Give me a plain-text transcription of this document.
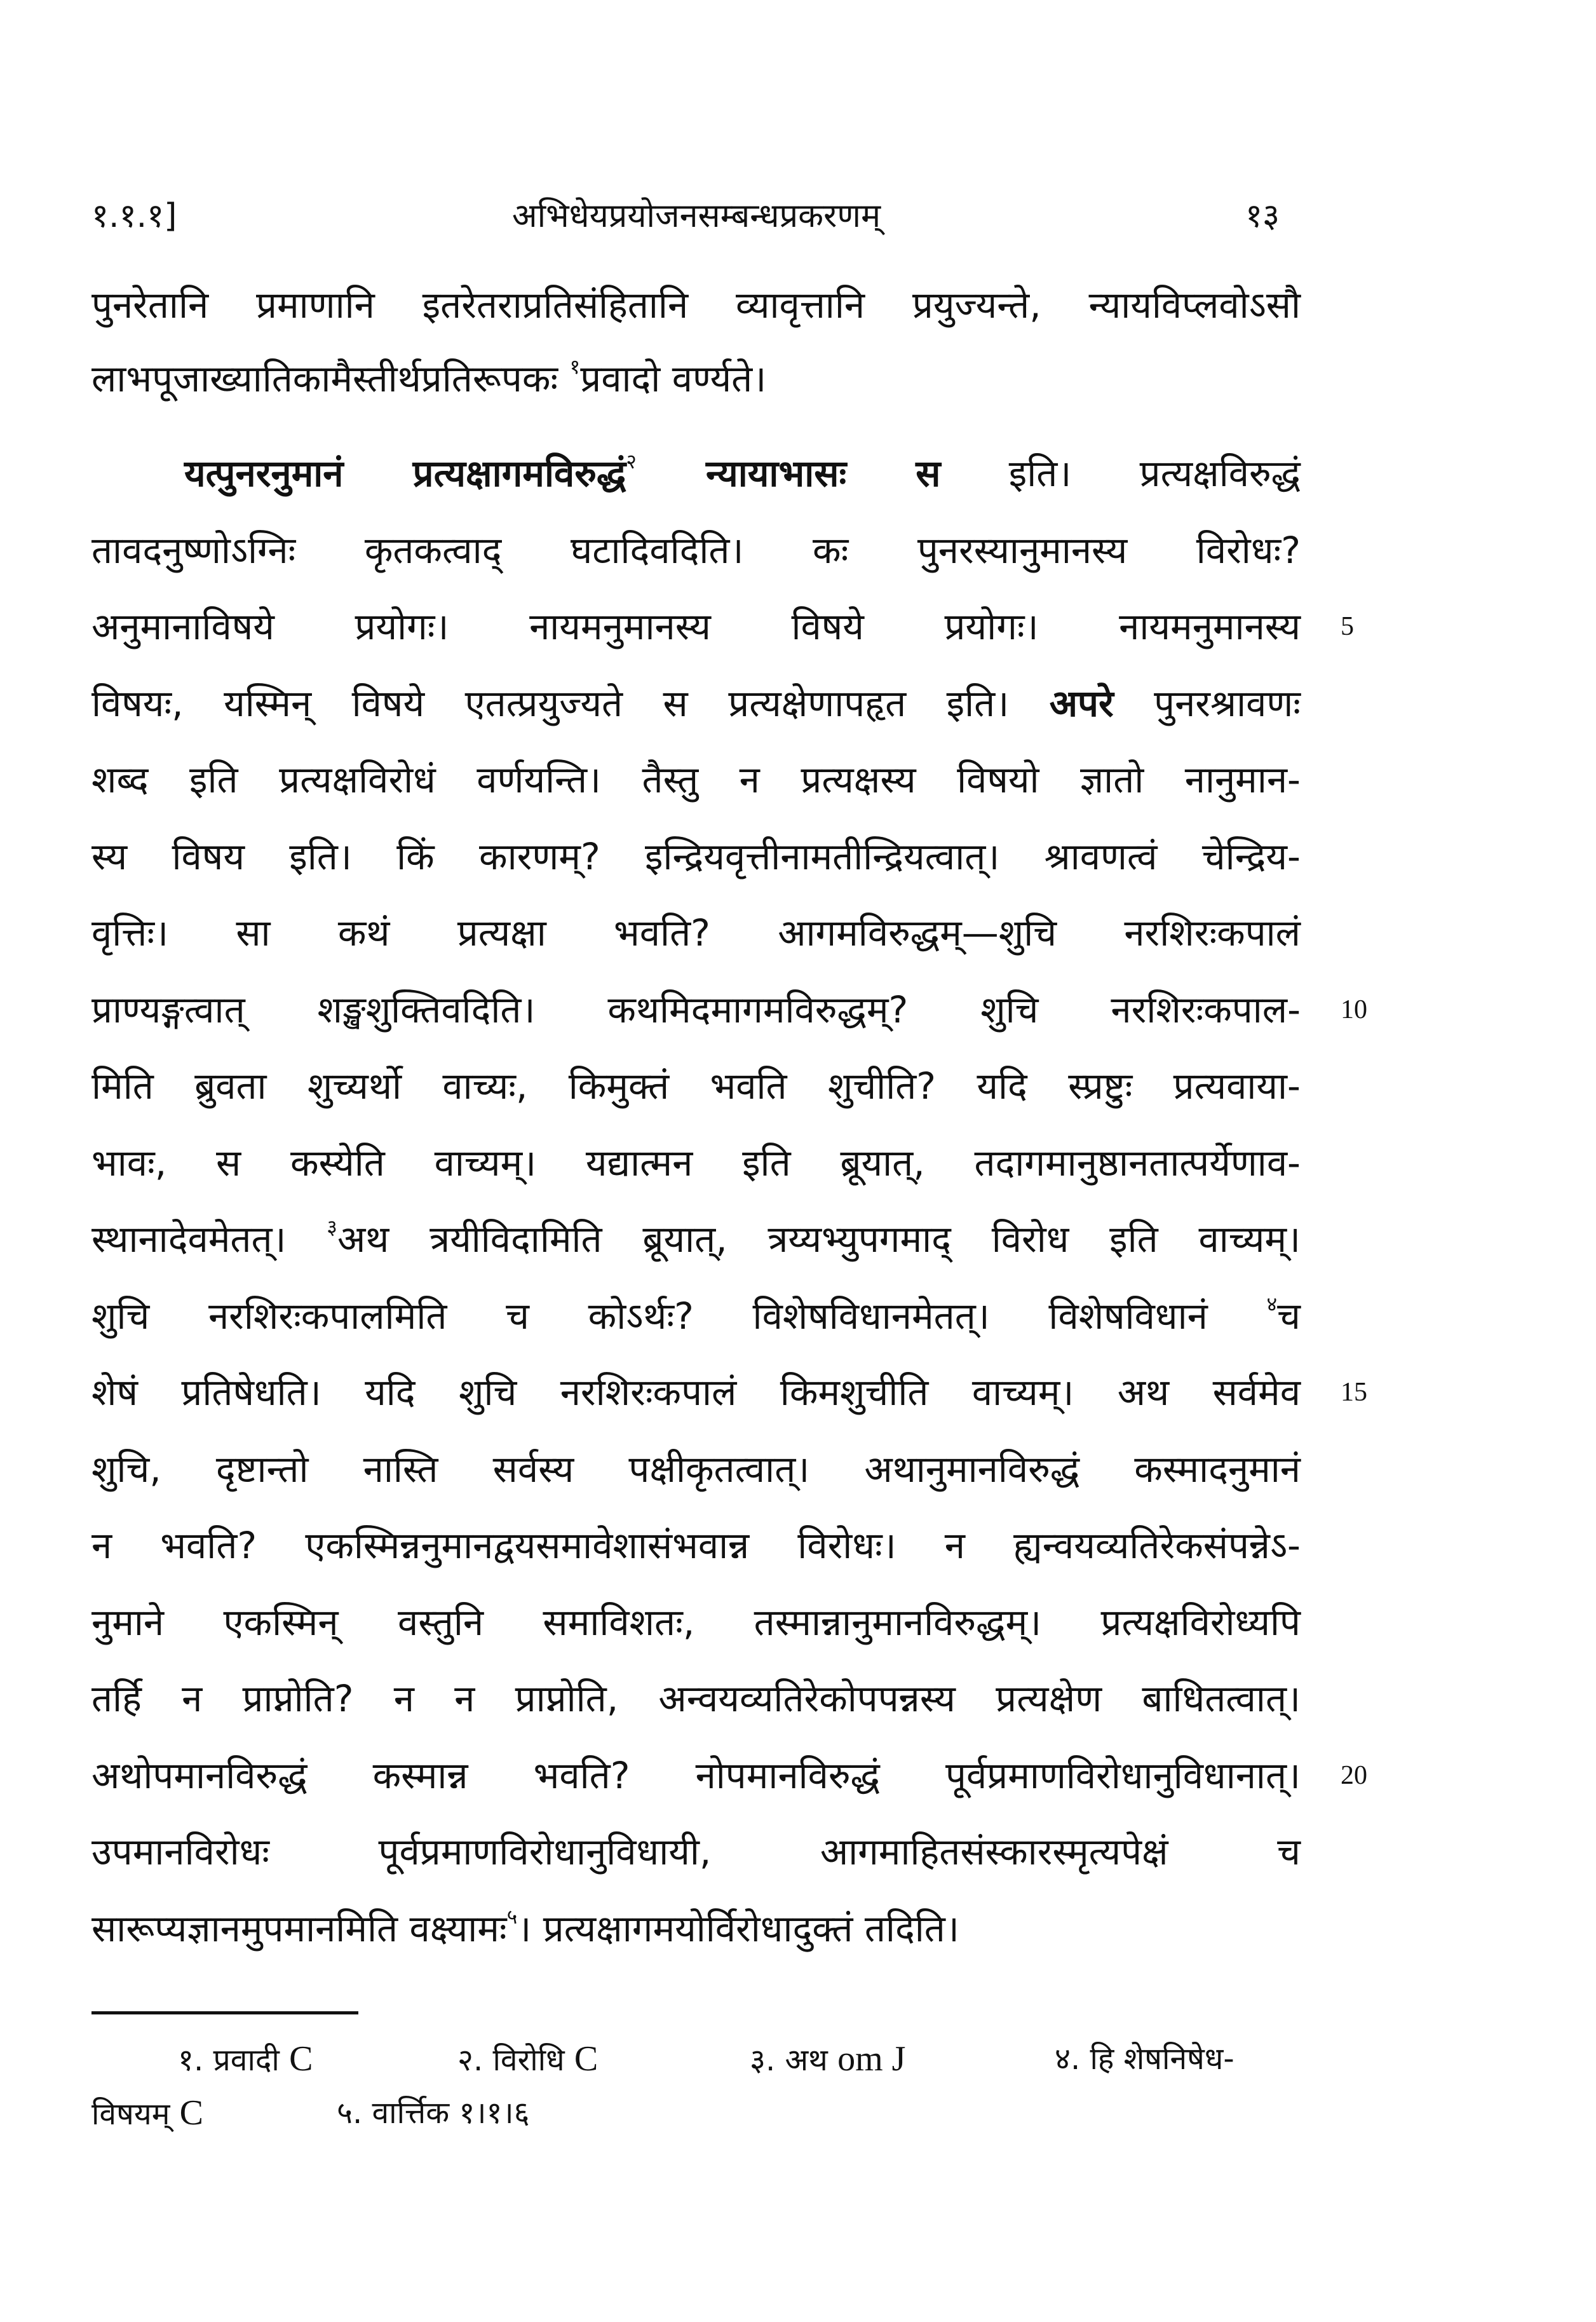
१.१.१]	अभिधेयप्रयोजनसम्बन्धप्रकरणम्	१३
पुनरेतानि प्रमाणानि इतरेतराप्रतिसंहितानि व्यावृत्तानि प्रयुज्यन्ते, न्यायविप्लवोऽसौ
लाभपूजाख्यातिकामैस्तीर्थप्रतिरूपकः $^१$प्रवादो वर्ण्यते।
यत्पुनरनुमानं प्रत्यक्षागमविरुद्धं$^२$ न्यायाभासः स इति। प्रत्यक्षविरुद्धं
तावदनुष्णोऽग्निः कृतकत्वाद् घटादिवदिति। कः पुनरस्यानुमानस्य विरोधः?
अनुमानाविषये प्रयोगः। नायमनुमानस्य विषये प्रयोगः। नायमनुमानस्य 5
विषयः, यस्मिन् विषये एतत्प्रयुज्यते स प्रत्यक्षेणापहृत इति। अपरे पुनरश्रावणः
शब्द इति प्रत्यक्षविरोधं वर्णयन्ति। तैस्तु न प्रत्यक्षस्य विषयो ज्ञातो नानुमान-
स्य विषय इति। किं कारणम्? इन्द्रियवृत्तीनामतीन्द्रियत्वात्। श्रावणत्वं चेन्द्रिय-
वृत्तिः। सा कथं प्रत्यक्षा भवति? आगमविरुद्धम्—शुचि नरशिरःकपालं
प्राण्यङ्गत्वात् शङ्खशुक्तिवदिति। कथमिदमागमविरुद्धम्? शुचि नरशिरःकपाल- 10
मिति ब्रुवता शुच्यर्थो वाच्यः, किमुक्तं भवति शुचीति? यदि स्प्रष्टुः प्रत्यवाया-
भावः, स कस्येति वाच्यम्। यद्यात्मन इति ब्रूयात्, तदागमानुष्ठानतात्पर्येणाव-
स्थानादेवमेतत्। $^३$अथ त्रयीविदामिति ब्रूयात्, त्रय्यभ्युपगमाद् विरोध इति वाच्यम्।
शुचि नरशिरःकपालमिति च कोऽर्थः? विशेषविधानमेतत्। विशेषविधानं $^४$च
शेषं प्रतिषेधति। यदि शुचि नरशिरःकपालं किमशुचीति वाच्यम्। अथ सर्वमेव 15
शुचि, दृष्टान्तो नास्ति सर्वस्य पक्षीकृतत्वात्। अथानुमानविरुद्धं कस्मादनुमानं
न भवति? एकस्मिन्ननुमानद्वयसमावेशासंभवान्न विरोधः। न ह्यन्वयव्यतिरेकसंपन्नेऽ-
नुमाने एकस्मिन् वस्तुनि समाविशतः, तस्मान्नानुमानविरुद्धम्। प्रत्यक्षविरोध्यपि
तर्हि न प्राप्नोति? न न प्राप्नोति, अन्वयव्यतिरेकोपपन्नस्य प्रत्यक्षेण बाधितत्वात्।
अथोपमानविरुद्धं कस्मान्न भवति? नोपमानविरुद्धं पूर्वप्रमाणविरोधानुविधानात्। 20
उपमानविरोधः पूर्वप्रमाणविरोधानुविधायी, आगमाहितसंस्कारस्मृत्यपेक्षं च
सारूप्यज्ञानमुपमानमिति वक्ष्यामः$^५$। प्रत्यक्षागमयोर्विरोधादुक्तं तदिति।
१. प्रवादी C	२. विरोधि C	३. अथ om J	४. हि शेषनिषेध-
विषयम् C	५. वार्त्तिक १।१।६
